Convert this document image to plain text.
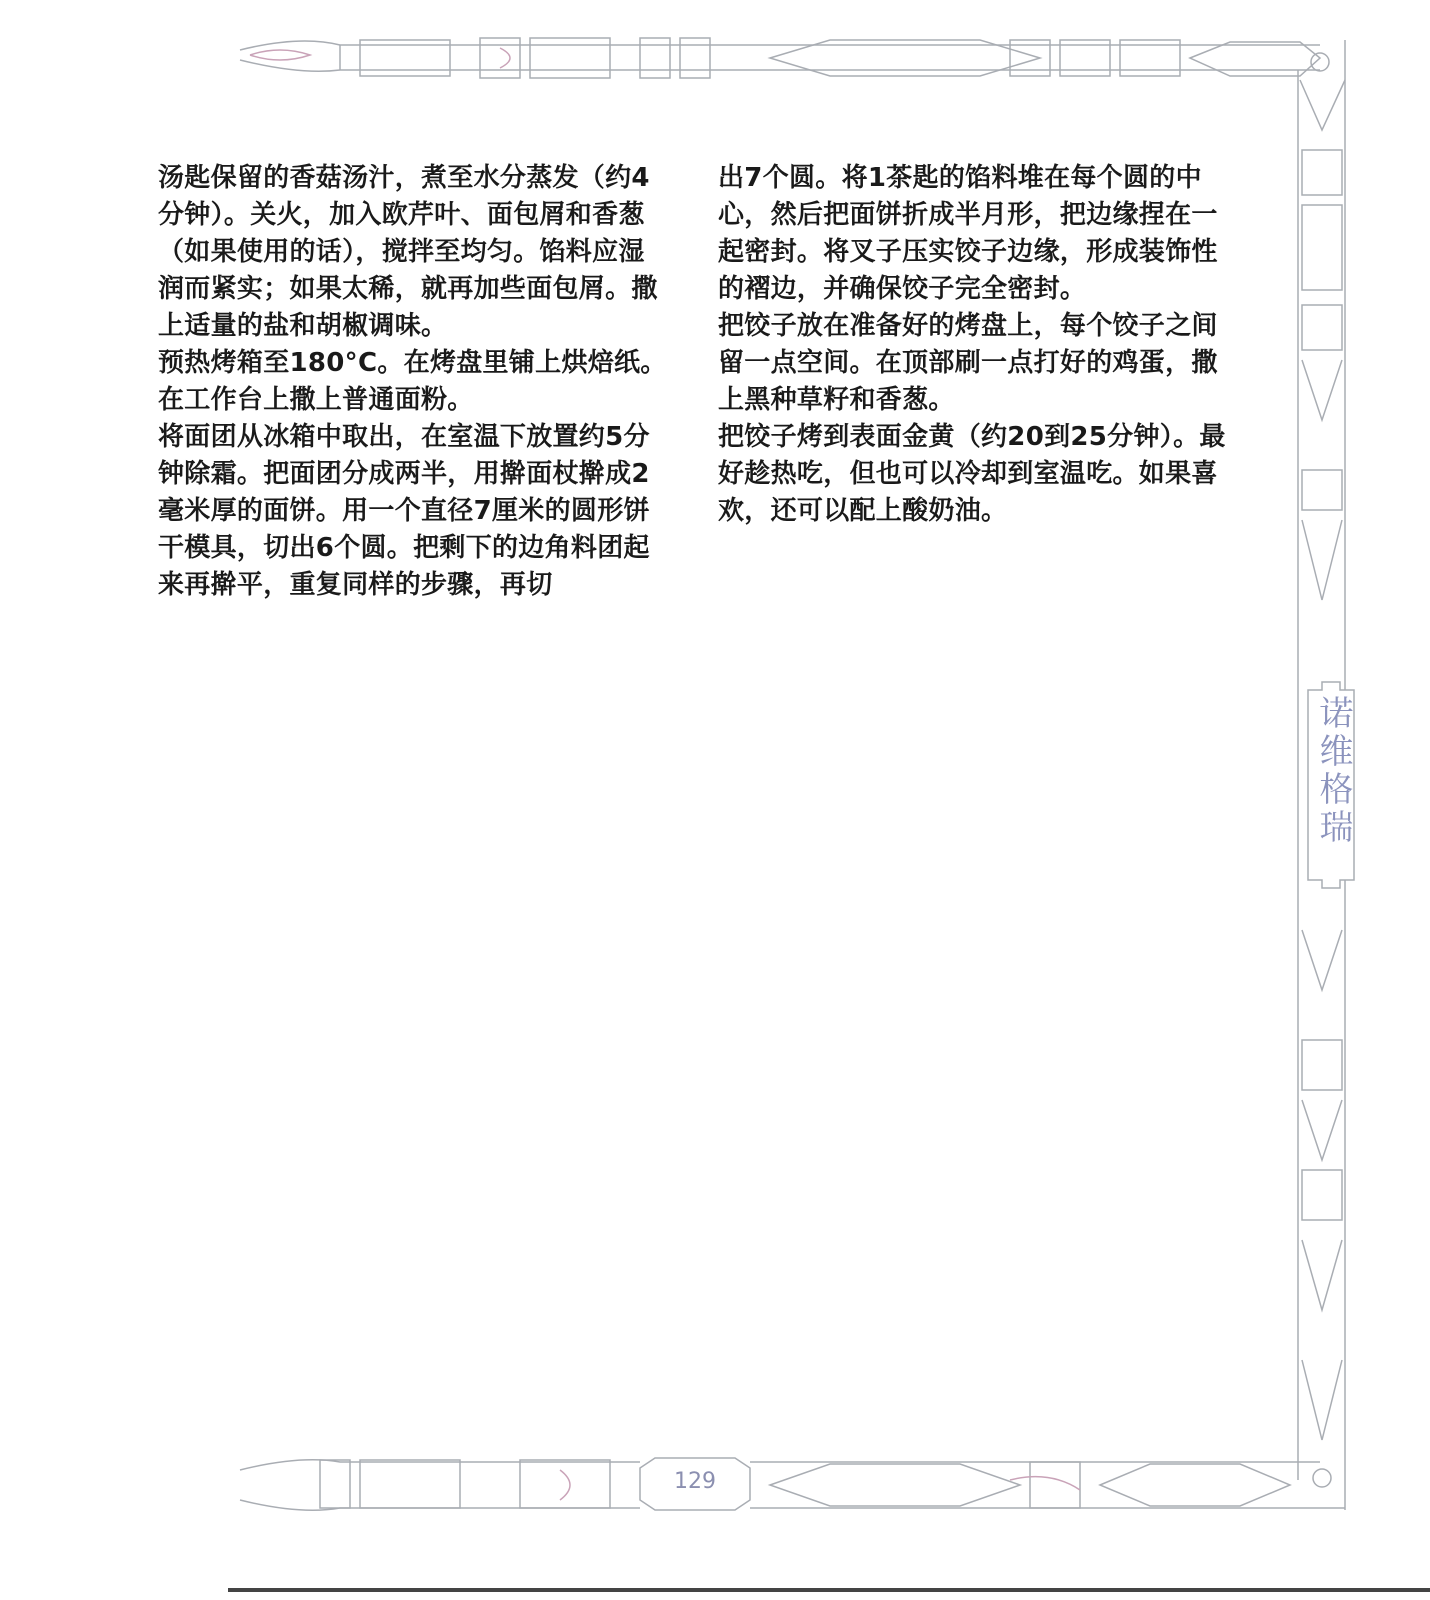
汤匙保留的香菇汤汁，煮至水分蒸发（约4分钟）。关火，加入欧芹叶、面包屑和香葱（如果使用的话），搅拌至均匀。馅料应湿润而紧实；如果太稀，就再加些面包屑。撒上适量的盐和胡椒调味。

预热烤箱至180°C。在烤盘里铺上烘焙纸。在工作台上撒上普通面粉。

将面团从冰箱中取出，在室温下放置约5分钟除霜。把面团分成两半，用擀面杖擀成2毫米厚的面饼。用一个直径7厘米的圆形饼干模具，切出6个圆。把剩下的边角料团起来再擀平，重复同样的步骤，再切

出7个圆。将1茶匙的馅料堆在每个圆的中心，然后把面饼折成半月形，把边缘捏在一起密封。将叉子压实饺子边缘，形成装饰性的褶边，并确保饺子完全密封。

把饺子放在准备好的烤盘上，每个饺子之间留一点空间。在顶部刷一点打好的鸡蛋，撒上黑种草籽和香葱。

把饺子烤到表面金黄（约20到25分钟）。最好趁热吃，但也可以冷却到室温吃。如果喜欢，还可以配上酸奶油。

诺维格瑞
129
